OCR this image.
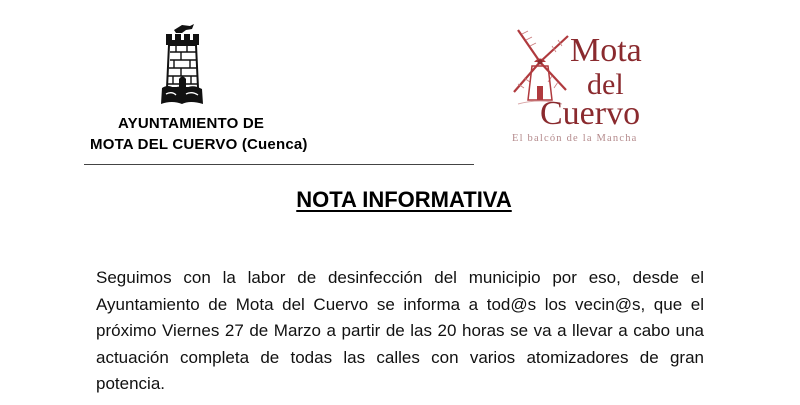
AYUNTAMIENTO DE
MOTA DEL CUERVO (Cuenca)
Mota
del
Cuervo
El balcón de la Mancha
NOTA INFORMATIVA
Seguimos con la labor de desinfección del municipio por eso, desde el Ayuntamiento de Mota del Cuervo se informa a tod@s los vecin@s, que el próximo Viernes 27 de Marzo a partir de las 20 horas se va a llevar a cabo una actuación completa de todas las calles con varios atomizadores de gran potencia.
